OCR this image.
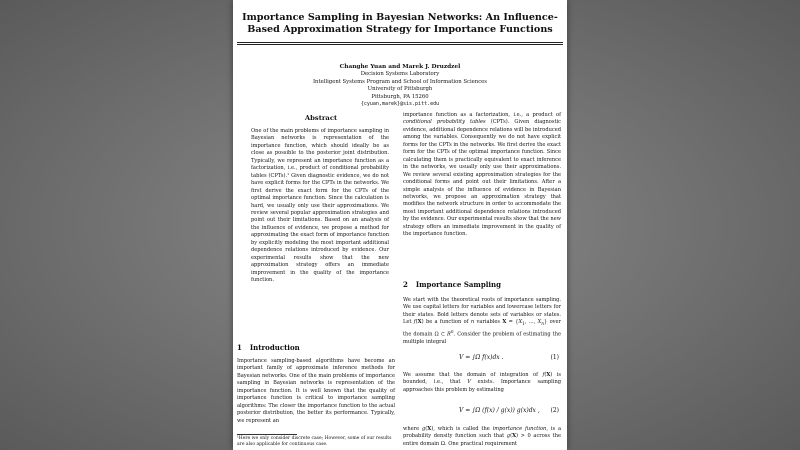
Importance Sampling in Bayesian Networks: An Influence-Based Approximation Strategy for Importance Functions
Changhe Yuan and Marek J. Druzdzel
Decision Systems Laboratory
Intelligent Systems Program and School of Information Sciences
University of Pittsburgh
Pittsburgh, PA 15260
{cyuan,marek}@sis.pitt.edu
Abstract
One of the main problems of importance sampling in Bayesian networks is representation of the importance function, which should ideally be as close as possible to the posterior joint distribution. Typically, we represent an importance function as a factorization, i.e., product of conditional probability tables (CPTs).¹ Given diagnostic evidence, we do not have explicit forms for the CPTs in the networks. We first derive the exact form for the CPTs of the optimal importance function. Since the calculation is hard, we usually only use their approximations. We review several popular approximation strategies and point out their limitations. Based on an analysis of the influence of evidence, we propose a method for approximating the exact form of importance function by explicitly modeling the most important additional dependence relations introduced by evidence. Our experimental results show that the new approximation strategy offers an immediate improvement in the quality of the importance function.
1 Introduction
Importance sampling-based algorithms have become an important family of approximate inference methods for Bayesian networks. One of the main problems of importance sampling in Bayesian networks is representation of the importance function. It is well known that the quality of importance function is critical to importance sampling algorithms: The closer the importance function to the actual posterior distribution, the better its performance. Typically, we represent an
¹Here we only consider discrete case; However, some of our results are also applicable for continuous case.
importance function as a factorization, i.e., a product of conditional probability tables (CPTs). Given diagnostic evidence, additional dependence relations will be introduced among the variables. Consequently we do not have explicit forms for the CPTs in the networks. We first derive the exact form for the CPTs of the optimal importance function. Since calculating them is practically equivalent to exact inference in the networks, we usually only use their approximations. We review several existing approximation strategies for the conditional forms and point out their limitations. After a simple analysis of the influence of evidence in Bayesian networks, we propose an approximation strategy that modifies the network structure in order to accommodate the most important additional dependence relations introduced by the evidence. Our experimental results show that the new strategy offers an immediate improvement in the quality of the importance function.
2 Importance Sampling
We start with the theoretical roots of importance sampling. We use capital letters for variables and lowercase letters for their states. Bold letters denote sets of variables or states. Let f(X) be a function of n variables $X = \{X_1$, ..., $X_n$} over the domain Ω ⊂ $R^n$. Consider the problem of estimating the multiple integral
V = ∫Ω f(x)dx .	(1)
We assume that the domain of integration of f(X) is bounded, i.e., that V exists. Importance sampling approaches this problem by estimating
V = ∫Ω (f(x) / g(x)) g(x)dx , (2)
where g(X), which is called the importance function, is a probability density function such that g(X) > 0 across the entire domain Ω. One practical requirement
